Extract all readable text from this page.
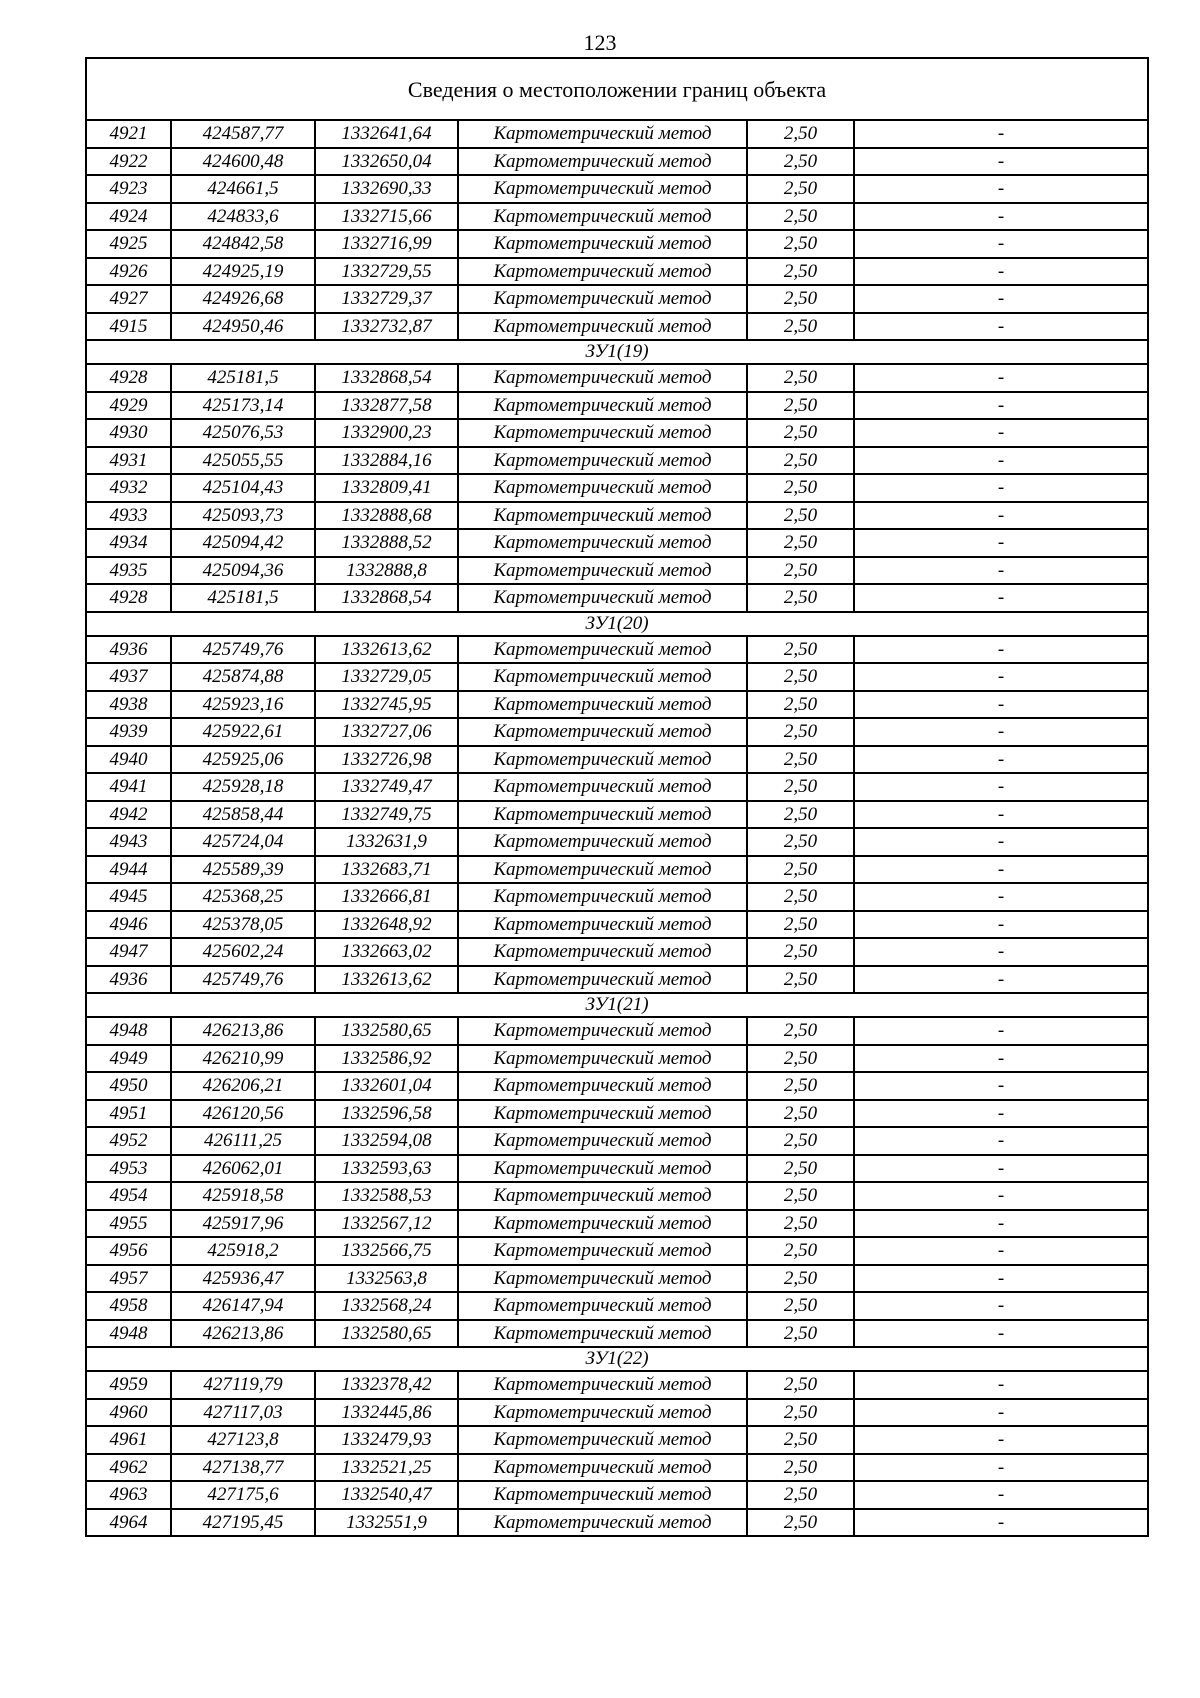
123
Сведения о местоположении границ объекта					
4921	424587,77	1332641,64	Картометрический метод	2,50	-
4922	424600,48	1332650,04	Картометрический метод	2,50	-
4923	424661,5	1332690,33	Картометрический метод	2,50	-
4924	424833,6	1332715,66	Картометрический метод	2,50	-
4925	424842,58	1332716,99	Картометрический метод	2,50	-
4926	424925,19	1332729,55	Картометрический метод	2,50	-
4927	424926,68	1332729,37	Картометрический метод	2,50	-
4915	424950,46	1332732,87	Картометрический метод	2,50	-
ЗУ1(19)					
4928	425181,5	1332868,54	Картометрический метод	2,50	-
4929	425173,14	1332877,58	Картометрический метод	2,50	-
4930	425076,53	1332900,23	Картометрический метод	2,50	-
4931	425055,55	1332884,16	Картометрический метод	2,50	-
4932	425104,43	1332809,41	Картометрический метод	2,50	-
4933	425093,73	1332888,68	Картометрический метод	2,50	-
4934	425094,42	1332888,52	Картометрический метод	2,50	-
4935	425094,36	1332888,8	Картометрический метод	2,50	-
4928	425181,5	1332868,54	Картометрический метод	2,50	-
ЗУ1(20)					
4936	425749,76	1332613,62	Картометрический метод	2,50	-
4937	425874,88	1332729,05	Картометрический метод	2,50	-
4938	425923,16	1332745,95	Картометрический метод	2,50	-
4939	425922,61	1332727,06	Картометрический метод	2,50	-
4940	425925,06	1332726,98	Картометрический метод	2,50	-
4941	425928,18	1332749,47	Картометрический метод	2,50	-
4942	425858,44	1332749,75	Картометрический метод	2,50	-
4943	425724,04	1332631,9	Картометрический метод	2,50	-
4944	425589,39	1332683,71	Картометрический метод	2,50	-
4945	425368,25	1332666,81	Картометрический метод	2,50	-
4946	425378,05	1332648,92	Картометрический метод	2,50	-
4947	425602,24	1332663,02	Картометрический метод	2,50	-
4936	425749,76	1332613,62	Картометрический метод	2,50	-
ЗУ1(21)					
4948	426213,86	1332580,65	Картометрический метод	2,50	-
4949	426210,99	1332586,92	Картометрический метод	2,50	-
4950	426206,21	1332601,04	Картометрический метод	2,50	-
4951	426120,56	1332596,58	Картометрический метод	2,50	-
4952	426111,25	1332594,08	Картометрический метод	2,50	-
4953	426062,01	1332593,63	Картометрический метод	2,50	-
4954	425918,58	1332588,53	Картометрический метод	2,50	-
4955	425917,96	1332567,12	Картометрический метод	2,50	-
4956	425918,2	1332566,75	Картометрический метод	2,50	-
4957	425936,47	1332563,8	Картометрический метод	2,50	-
4958	426147,94	1332568,24	Картометрический метод	2,50	-
4948	426213,86	1332580,65	Картометрический метод	2,50	-
ЗУ1(22)					
4959	427119,79	1332378,42	Картометрический метод	2,50	-
4960	427117,03	1332445,86	Картометрический метод	2,50	-
4961	427123,8	1332479,93	Картометрический метод	2,50	-
4962	427138,77	1332521,25	Картометрический метод	2,50	-
4963	427175,6	1332540,47	Картометрический метод	2,50	-
4964	427195,45	1332551,9	Картометрический метод	2,50	-
